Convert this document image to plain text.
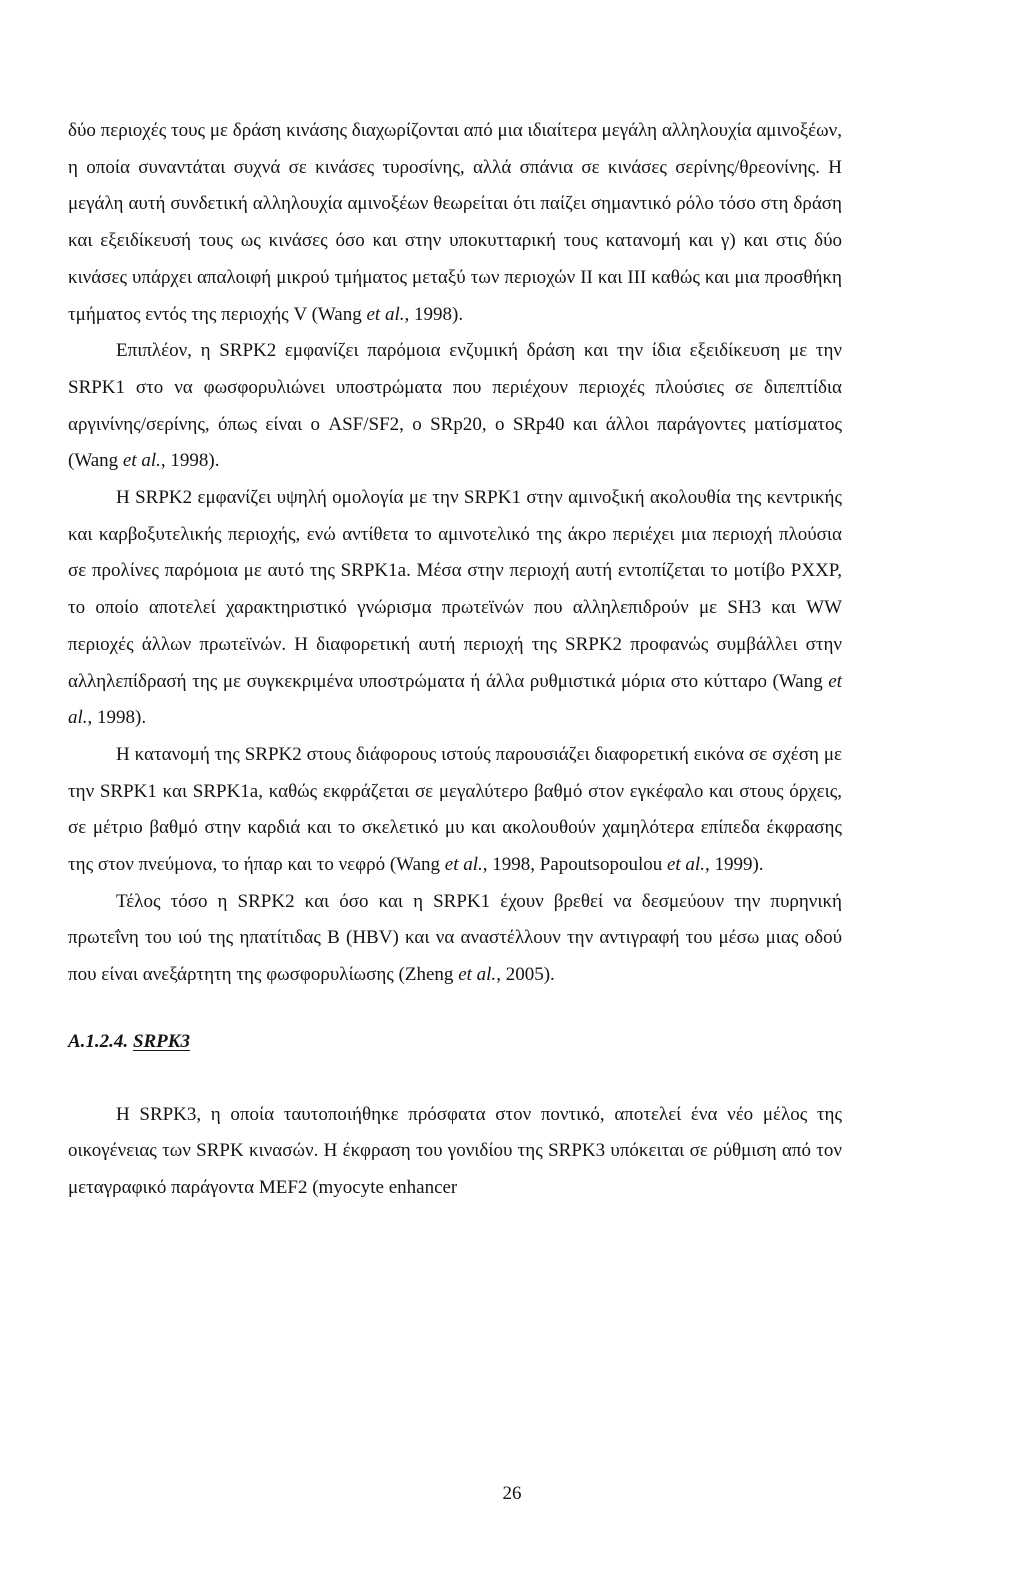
δύο περιοχές τους με δράση κινάσης διαχωρίζονται από μια ιδιαίτερα μεγάλη αλληλουχία αμινοξέων, η οποία συναντάται συχνά σε κινάσες τυροσίνης, αλλά σπάνια σε κινάσες σερίνης/θρεονίνης. Η μεγάλη αυτή συνδετική αλληλουχία αμινοξέων θεωρείται ότι παίζει σημαντικό ρόλο τόσο στη δράση και εξειδίκευσή τους ως κινάσες όσο και στην υποκυτταρική τους κατανομή και γ) και στις δύο κινάσες υπάρχει απαλοιφή μικρού τμήματος μεταξύ των περιοχών II και III καθώς και μια προσθήκη τμήματος εντός της περιοχής V (Wang et al., 1998).

Επιπλέον, η SRPK2 εμφανίζει παρόμοια ενζυμική δράση και την ίδια εξειδίκευση με την SRPK1 στο να φωσφορυλιώνει υποστρώματα που περιέχουν περιοχές πλούσιες σε διπεπτίδια αργινίνης/σερίνης, όπως είναι ο ASF/SF2, ο SRp20, ο SRp40 και άλλοι παράγοντες ματίσματος (Wang et al., 1998).

Η SRPK2 εμφανίζει υψηλή ομολογία με την SRPK1 στην αμινοξική ακολουθία της κεντρικής και καρβοξυτελικής περιοχής, ενώ αντίθετα το αμινοτελικό της άκρο περιέχει μια περιοχή πλούσια σε προλίνες παρόμοια με αυτό της SRPK1a. Μέσα στην περιοχή αυτή εντοπίζεται το μοτίβο PXXP, το οποίο αποτελεί χαρακτηριστικό γνώρισμα πρωτεϊνών που αλληλεπιδρούν με SH3 και WW περιοχές άλλων πρωτεϊνών. Η διαφορετική αυτή περιοχή της SRPK2 προφανώς συμβάλλει στην αλληλεπίδρασή της με συγκεκριμένα υποστρώματα ή άλλα ρυθμιστικά μόρια στο κύτταρο (Wang et al., 1998).

Η κατανομή της SRPK2 στους διάφορους ιστούς παρουσιάζει διαφορετική εικόνα σε σχέση με την SRPK1 και SRPK1a, καθώς εκφράζεται σε μεγαλύτερο βαθμό στον εγκέφαλο και στους όρχεις, σε μέτριο βαθμό στην καρδιά και το σκελετικό μυ και ακολουθούν χαμηλότερα επίπεδα έκφρασης της στον πνεύμονα, το ήπαρ και το νεφρό (Wang et al., 1998, Papoutsopoulou et al., 1999).

Τέλος τόσο η SRPK2 και όσο και η SRPK1 έχουν βρεθεί να δεσμεύουν την πυρηνική πρωτεΐνη του ιού της ηπατίτιδας B (HBV) και να αναστέλλουν την αντιγραφή του μέσω μιας οδού που είναι ανεξάρτητη της φωσφορυλίωσης (Zheng et al., 2005).

A.1.2.4. SRPK3

Η SRPK3, η οποία ταυτοποιήθηκε πρόσφατα στον ποντικό, αποτελεί ένα νέο μέλος της οικογένειας των SRPK κινασών. Η έκφραση του γονιδίου της SRPK3 υπόκειται σε ρύθμιση από τον μεταγραφικό παράγοντα MEF2 (myocyte enhancer

26
